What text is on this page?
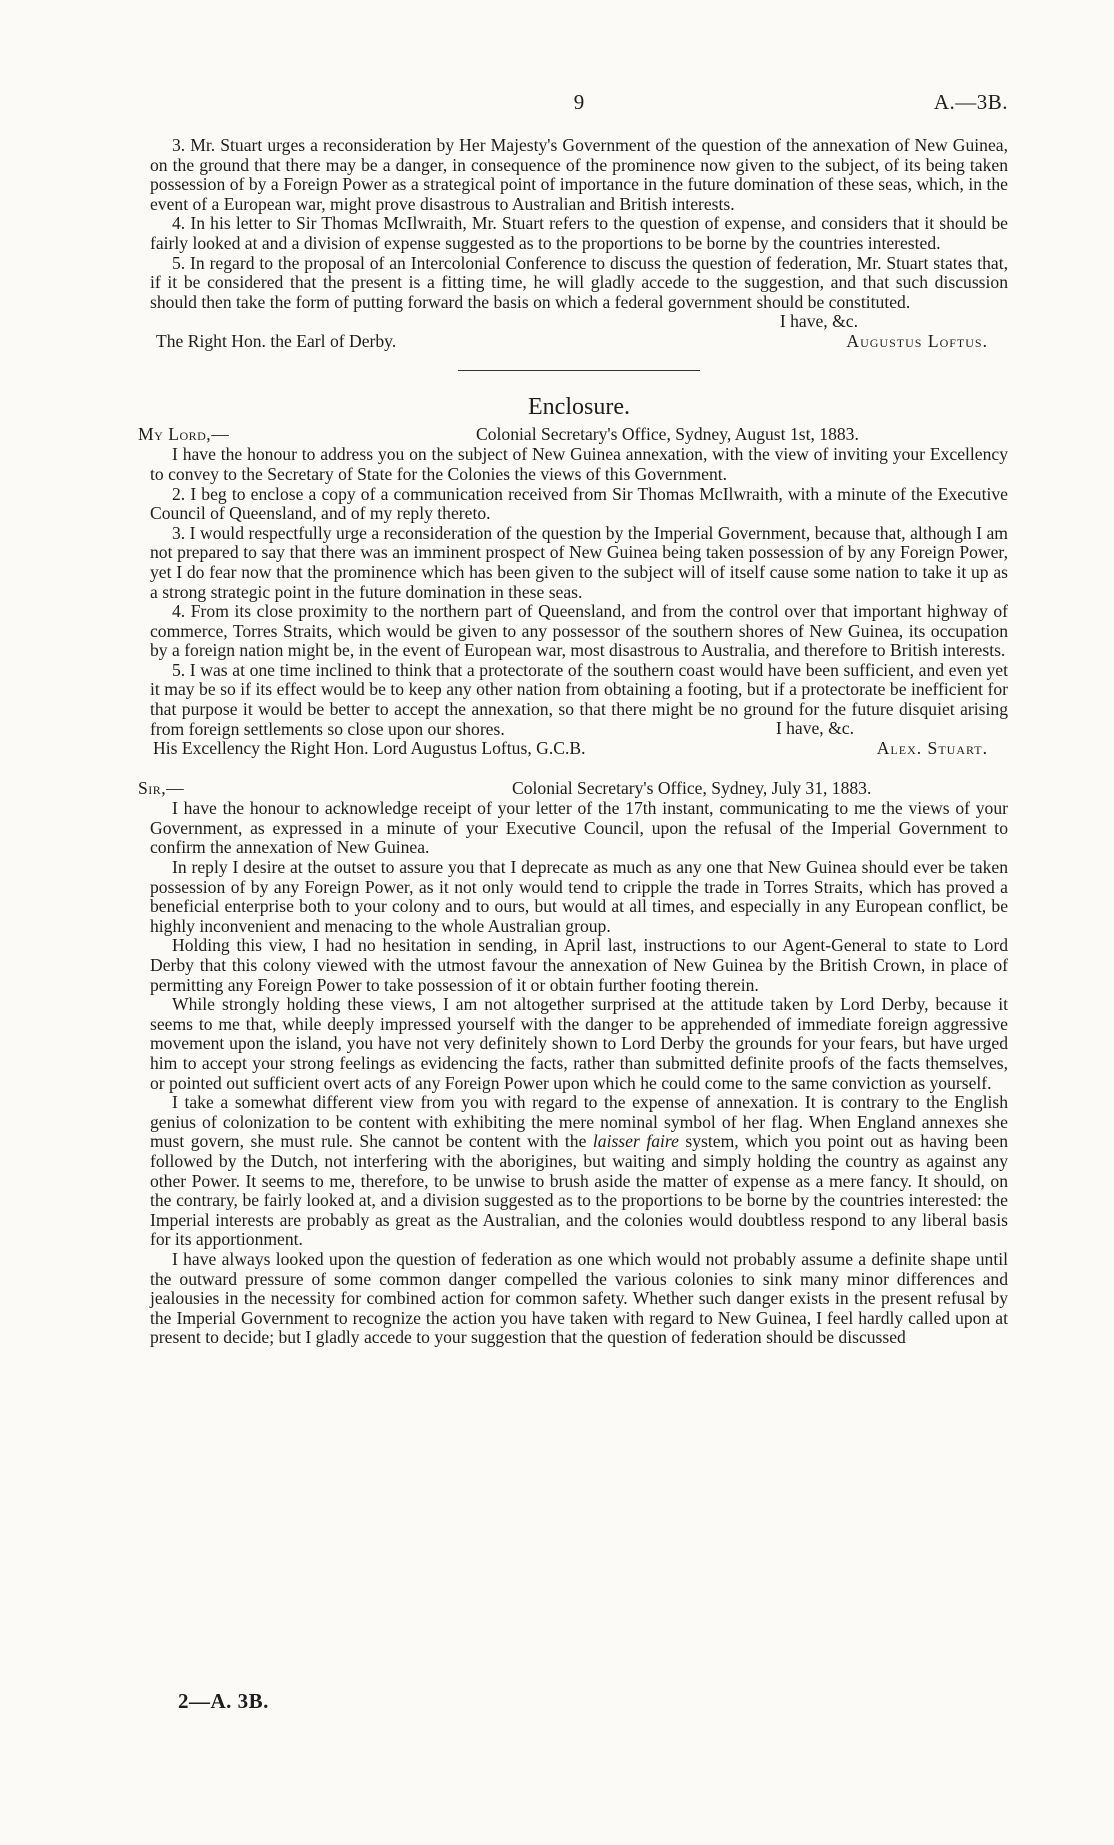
9	A.—3B.

3. Mr. Stuart urges a reconsideration by Her Majesty's Government of the question of the annexation of New Guinea, on the ground that there may be a danger, in consequence of the prominence now given to the subject, of its being taken possession of by a Foreign Power as a strategical point of importance in the future domination of these seas, which, in the event of a European war, might prove disastrous to Australian and British interests.

4. In his letter to Sir Thomas McIlwraith, Mr. Stuart refers to the question of expense, and considers that it should be fairly looked at and a division of expense suggested as to the proportions to be borne by the countries interested.

5. In regard to the proposal of an Intercolonial Conference to discuss the question of federation, Mr. Stuart states that, if it be considered that the present is a fitting time, he will gladly accede to the suggestion, and that such discussion should then take the form of putting forward the basis on which a federal government should be constituted.

I have, &c.
The Right Hon. the Earl of Derby.	Augustus Loftus.
Enclosure.
My Lord,—	Colonial Secretary's Office, Sydney, August 1st, 1883.

I have the honour to address you on the subject of New Guinea annexation, with the view of inviting your Excellency to convey to the Secretary of State for the Colonies the views of this Government.

2. I beg to enclose a copy of a communication received from Sir Thomas McIlwraith, with a minute of the Executive Council of Queensland, and of my reply thereto.

3. I would respectfully urge a reconsideration of the question by the Imperial Government, because that, although I am not prepared to say that there was an imminent prospect of New Guinea being taken possession of by any Foreign Power, yet I do fear now that the prominence which has been given to the subject will of itself cause some nation to take it up as a strong strategic point in the future domination in these seas.

4. From its close proximity to the northern part of Queensland, and from the control over that important highway of commerce, Torres Straits, which would be given to any possessor of the southern shores of New Guinea, its occupation by a foreign nation might be, in the event of European war, most disastrous to Australia, and therefore to British interests.

5. I was at one time inclined to think that a protectorate of the southern coast would have been sufficient, and even yet it may be so if its effect would be to keep any other nation from obtaining a footing, but if a protectorate be inefficient for that purpose it would be better to accept the annexation, so that there might be no ground for the future disquiet arising from foreign settlements so close upon our shores.

His Excellency the Right Hon. Lord Augustus Loftus, G.C.B.	Alex. Stuart.
I have, &c.
Sir,—	Colonial Secretary's Office, Sydney, July 31, 1883.

I have the honour to acknowledge receipt of your letter of the 17th instant, communicating to me the views of your Government, as expressed in a minute of your Executive Council, upon the refusal of the Imperial Government to confirm the annexation of New Guinea.

In reply I desire at the outset to assure you that I deprecate as much as any one that New Guinea should ever be taken possession of by any Foreign Power, as it not only would tend to cripple the trade in Torres Straits, which has proved a beneficial enterprise both to your colony and to ours, but would at all times, and especially in any European conflict, be highly inconvenient and menacing to the whole Australian group.

Holding this view, I had no hesitation in sending, in April last, instructions to our Agent-General to state to Lord Derby that this colony viewed with the utmost favour the annexation of New Guinea by the British Crown, in place of permitting any Foreign Power to take possession of it or obtain further footing therein.

While strongly holding these views, I am not altogether surprised at the attitude taken by Lord Derby, because it seems to me that, while deeply impressed yourself with the danger to be apprehended of immediate foreign aggressive movement upon the island, you have not very definitely shown to Lord Derby the grounds for your fears, but have urged him to accept your strong feelings as evidencing the facts, rather than submitted definite proofs of the facts themselves, or pointed out sufficient overt acts of any Foreign Power upon which he could come to the same conviction as yourself.

I take a somewhat different view from you with regard to the expense of annexation. It is contrary to the English genius of colonization to be content with exhibiting the mere nominal symbol of her flag. When England annexes she must govern, she must rule. She cannot be content with the laisser faire system, which you point out as having been followed by the Dutch, not interfering with the aborigines, but waiting and simply holding the country as against any other Power. It seems to me, therefore, to be unwise to brush aside the matter of expense as a mere fancy. It should, on the contrary, be fairly looked at, and a division suggested as to the proportions to be borne by the countries interested: the Imperial interests are probably as great as the Australian, and the colonies would doubtless respond to any liberal basis for its apportionment.

I have always looked upon the question of federation as one which would not probably assume a definite shape until the outward pressure of some common danger compelled the various colonies to sink many minor differences and jealousies in the necessity for combined action for common safety. Whether such danger exists in the present refusal by the Imperial Government to recognize the action you have taken with regard to New Guinea, I feel hardly called upon at present to decide; but I gladly accede to your suggestion that the question of federation should be discussed

2—A. 3B.
